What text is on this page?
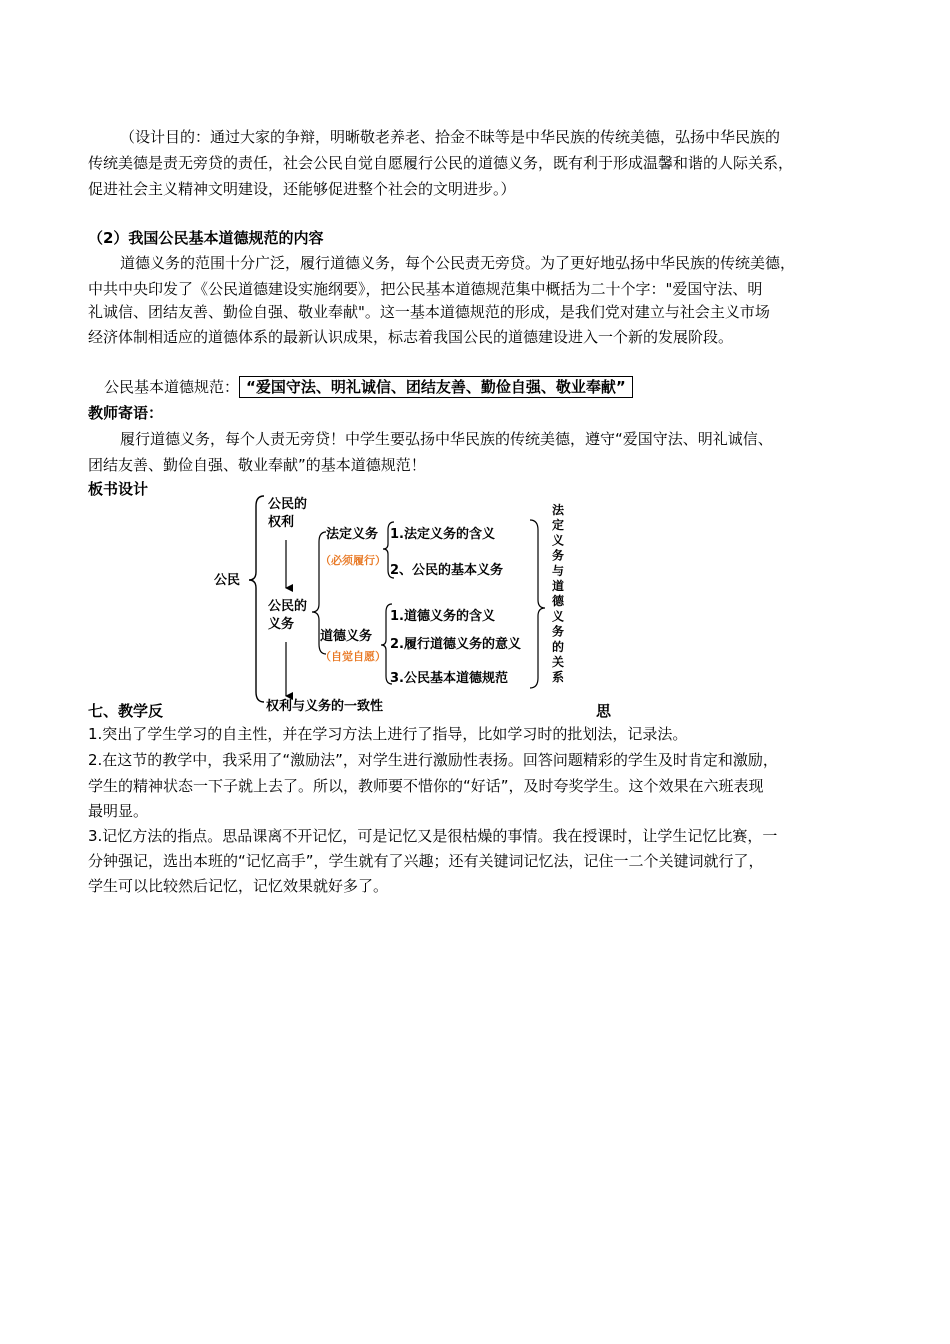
（设计目的：通过大家的争辩，明晰敬老养老、拾金不昧等是中华民族的传统美德，弘扬中华民族的
传统美德是责无旁贷的责任，社会公民自觉自愿履行公民的道德义务，既有利于形成温馨和谐的人际关系，
促进社会主义精神文明建设，还能够促进整个社会的文明进步。）
（2）我国公民基本道德规范的内容
道德义务的范围十分广泛，履行道德义务，每个公民责无旁贷。为了更好地弘扬中华民族的传统美德，
中共中央印发了《公民道德建设实施纲要》，把公民基本道德规范集中概括为二十个字："爱国守法、明
礼诚信、团结友善、勤俭自强、敬业奉献"。这一基本道德规范的形成，是我们党对建立与社会主义市场
经济体制相适应的道德体系的最新认识成果，标志着我国公民的道德建设进入一个新的发展阶段。
公民基本道德规范： “爱国守法、明礼诚信、团结友善、勤俭自强、敬业奉献”
教师寄语：
履行道德义务，每个人责无旁贷！中学生要弘扬中华民族的传统美德，遵守“爱国守法、明礼诚信、
团结友善、勤俭自强、敬业奉献”的基本道德规范！
板书设计
公民
公民的
权利
公民的
义务
法定义务
（必须履行）
1.法定义务的含义
2、公民的基本义务
道德义务
（自觉自愿）
1.道德义务的含义
2.履行道德义务的意义
3.公民基本道德规范
法
定
义
务
与
道
德
义
务
的
关
系
权利与义务的一致性
七、教学反	思
1.突出了学生学习的自主性，并在学习方法上进行了指导，比如学习时的批划法，记录法。
2.在这节的教学中，我采用了“激励法”，对学生进行激励性表扬。回答问题精彩的学生及时肯定和激励，
学生的精神状态一下子就上去了。所以，教师要不惜你的“好话”，及时夸奖学生。这个效果在六班表现
最明显。
3.记忆方法的指点。思品课离不开记忆，可是记忆又是很枯燥的事情。我在授课时，让学生记忆比赛，一
分钟强记，选出本班的“记忆高手”，学生就有了兴趣；还有关键词记忆法，记住一二个关键词就行了，
学生可以比较然后记忆，记忆效果就好多了。
